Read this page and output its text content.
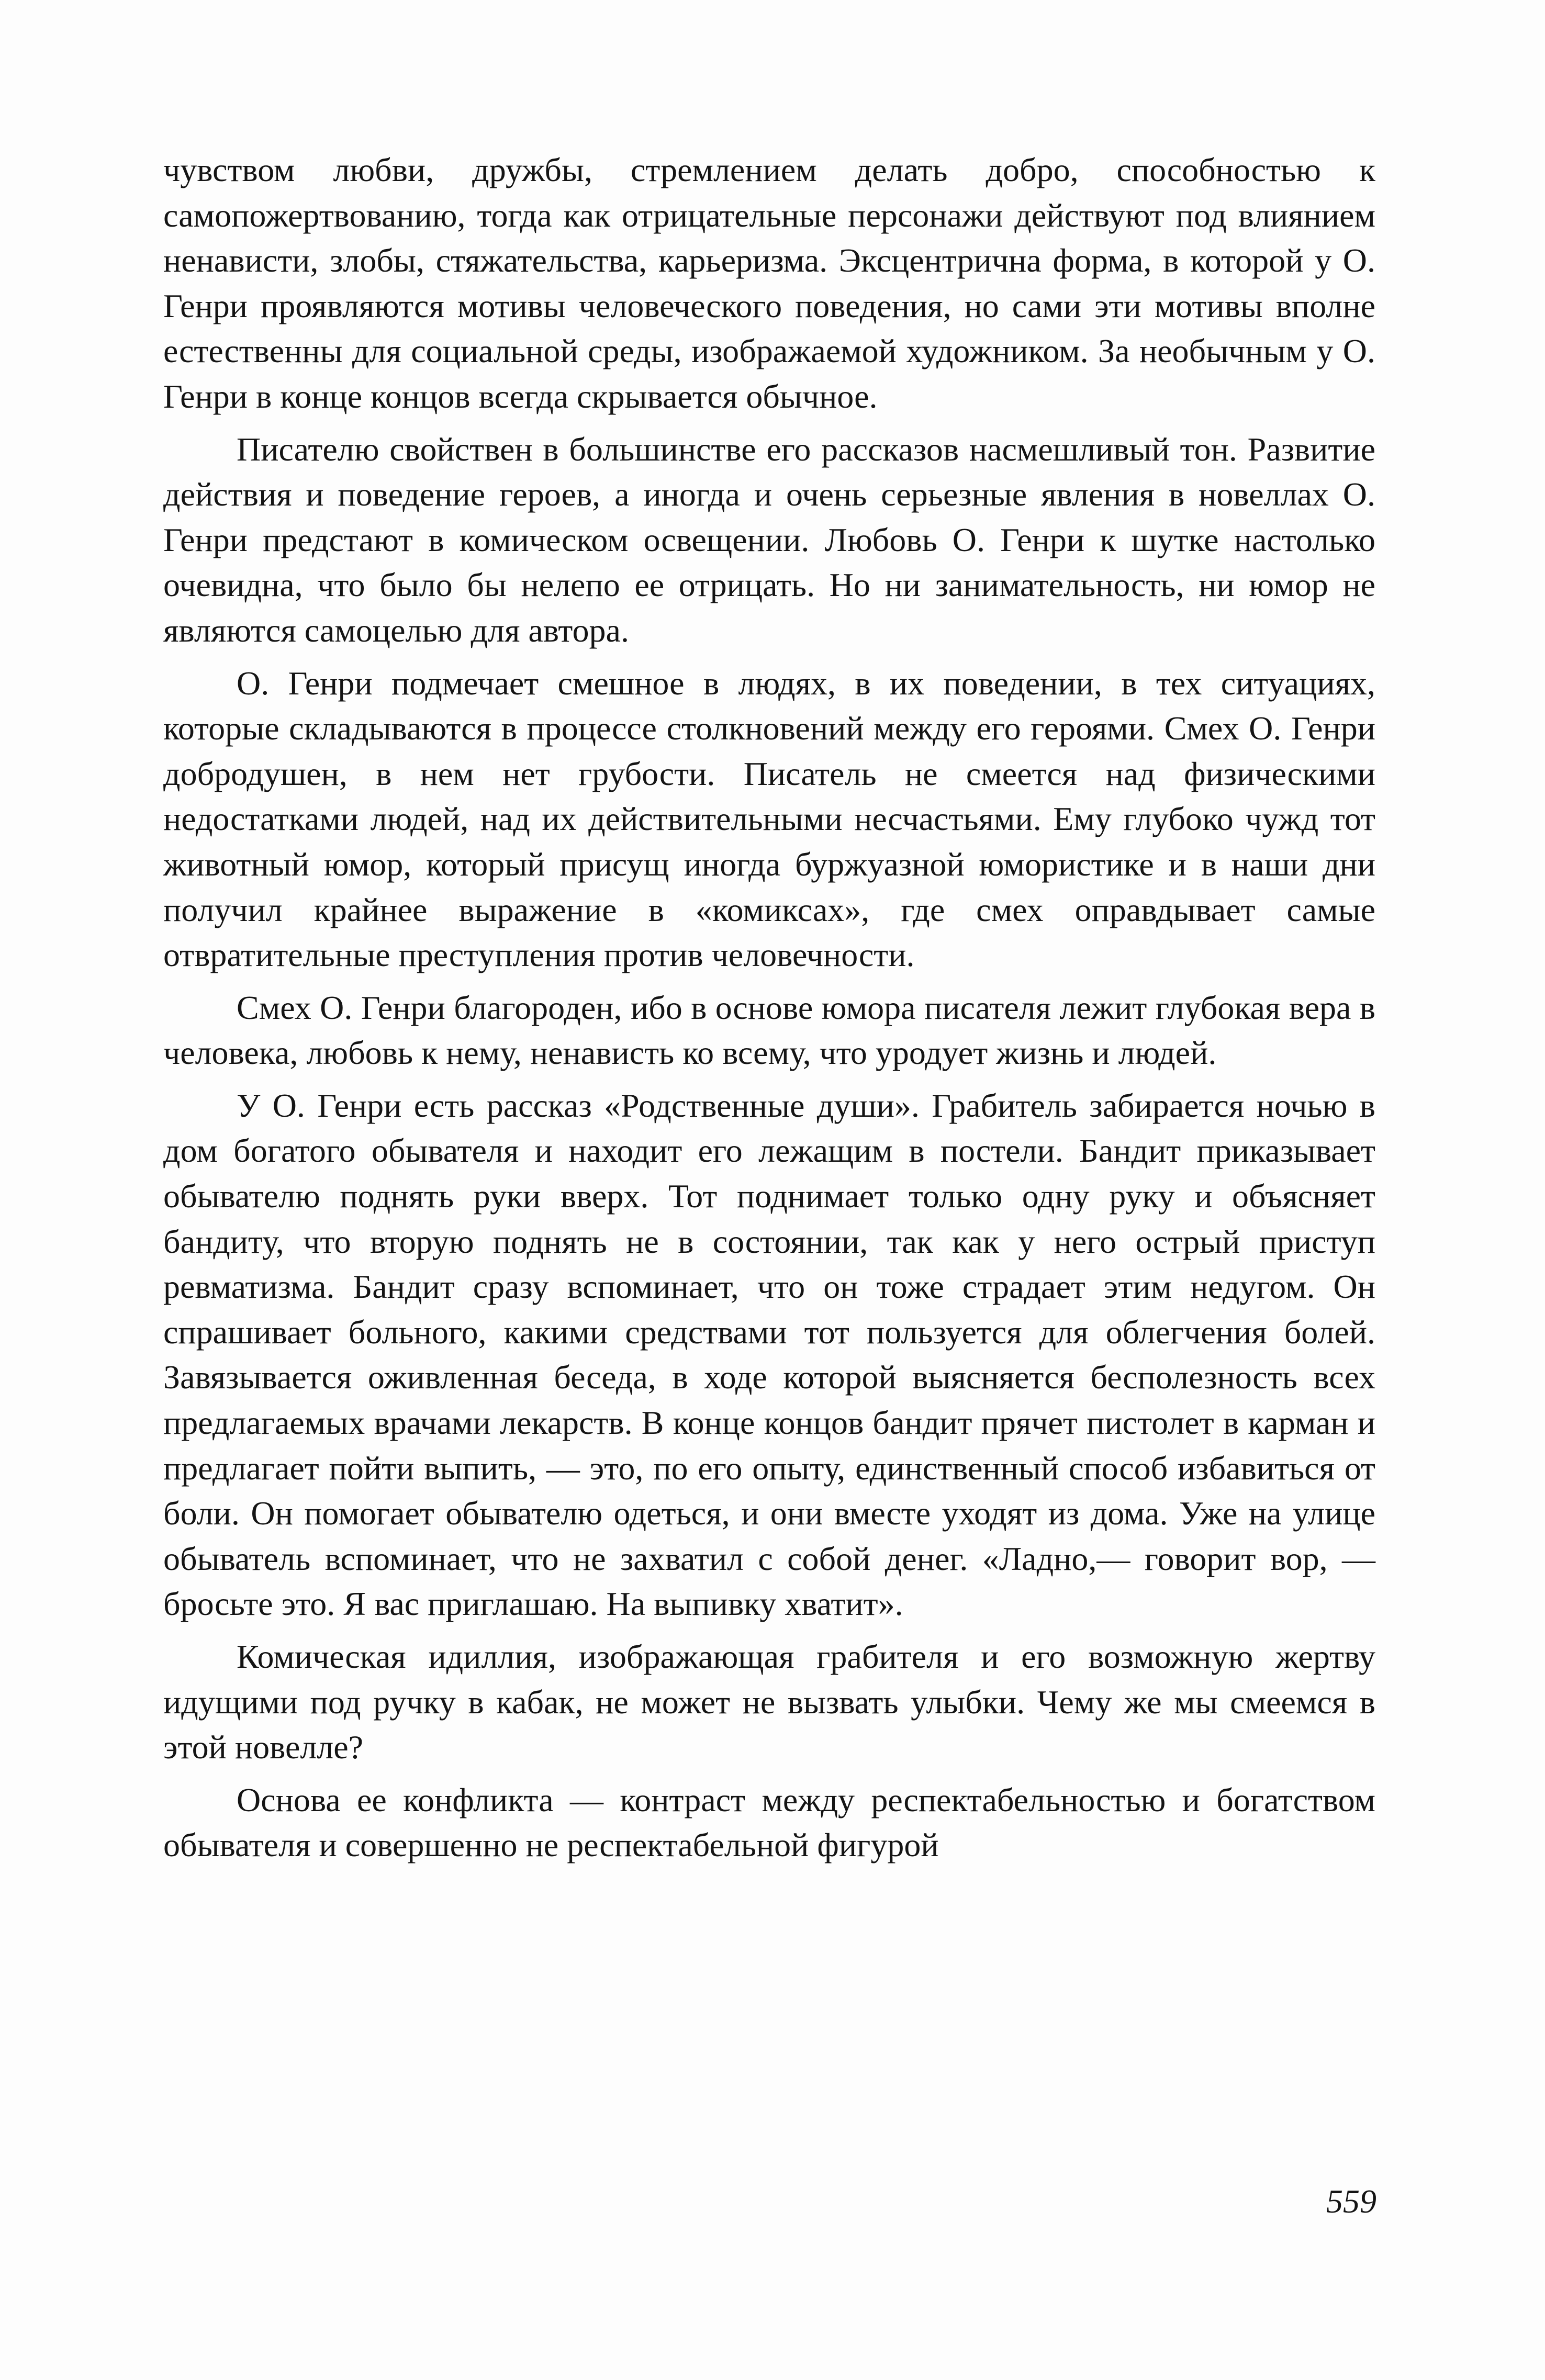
чувством любви, дружбы, стремлением делать добро, способностью к самопожертвованию, тогда как отрицательные персонажи действуют под влиянием ненависти, злобы, стяжательства, карьеризма. Эксцентрична форма, в которой у О. Генри проявляются мотивы человеческого поведения, но сами эти мотивы вполне естественны для социальной среды, изображаемой художником. За необычным у О. Генри в конце концов всегда скрывается обычное.

Писателю свойствен в большинстве его рассказов насмешливый тон. Развитие действия и поведение героев, а иногда и очень серьезные явления в новеллах О. Генри предстают в комическом освещении. Любовь О. Генри к шутке настолько очевидна, что было бы нелепо ее отрицать. Но ни занимательность, ни юмор не являются самоцелью для автора.

О. Генри подмечает смешное в людях, в их поведении, в тех ситуациях, которые складываются в процессе столкновений между его героями. Смех О. Генри добродушен, в нем нет грубости. Писатель не смеется над физическими недостатками людей, над их действительными несчастьями. Ему глубоко чужд тот животный юмор, который присущ иногда буржуазной юмористике и в наши дни получил крайнее выражение в «комиксах», где смех оправдывает самые отвратительные преступления против человечности.

Смех О. Генри благороден, ибо в основе юмора писателя лежит глубокая вера в человека, любовь к нему, ненависть ко всему, что уродует жизнь и людей.

У О. Генри есть рассказ «Родственные души». Грабитель забирается ночью в дом богатого обывателя и находит его лежащим в постели. Бандит приказывает обывателю поднять руки вверх. Тот поднимает только одну руку и объясняет бандиту, что вторую поднять не в состоянии, так как у него острый приступ ревматизма. Бандит сразу вспоминает, что он тоже страдает этим недугом. Он спрашивает больного, какими средствами тот пользуется для облегчения болей. Завязывается оживленная беседа, в ходе которой выясняется бесполезность всех предлагаемых врачами лекарств. В конце концов бандит прячет пистолет в карман и предлагает пойти выпить, — это, по его опыту, единственный способ избавиться от боли. Он помогает обывателю одеться, и они вместе уходят из дома. Уже на улице обыватель вспоминает, что не захватил с собой денег. «Ладно,— говорит вор, — бросьте это. Я вас приглашаю. На выпивку хватит».

Комическая идиллия, изображающая грабителя и его возможную жертву идущими под ручку в кабак, не может не вызвать улыбки. Чему же мы смеемся в этой новелле?

Основа ее конфликта — контраст между респектабельностью и богатством обывателя и совершенно не респектабельной фигурой

559
